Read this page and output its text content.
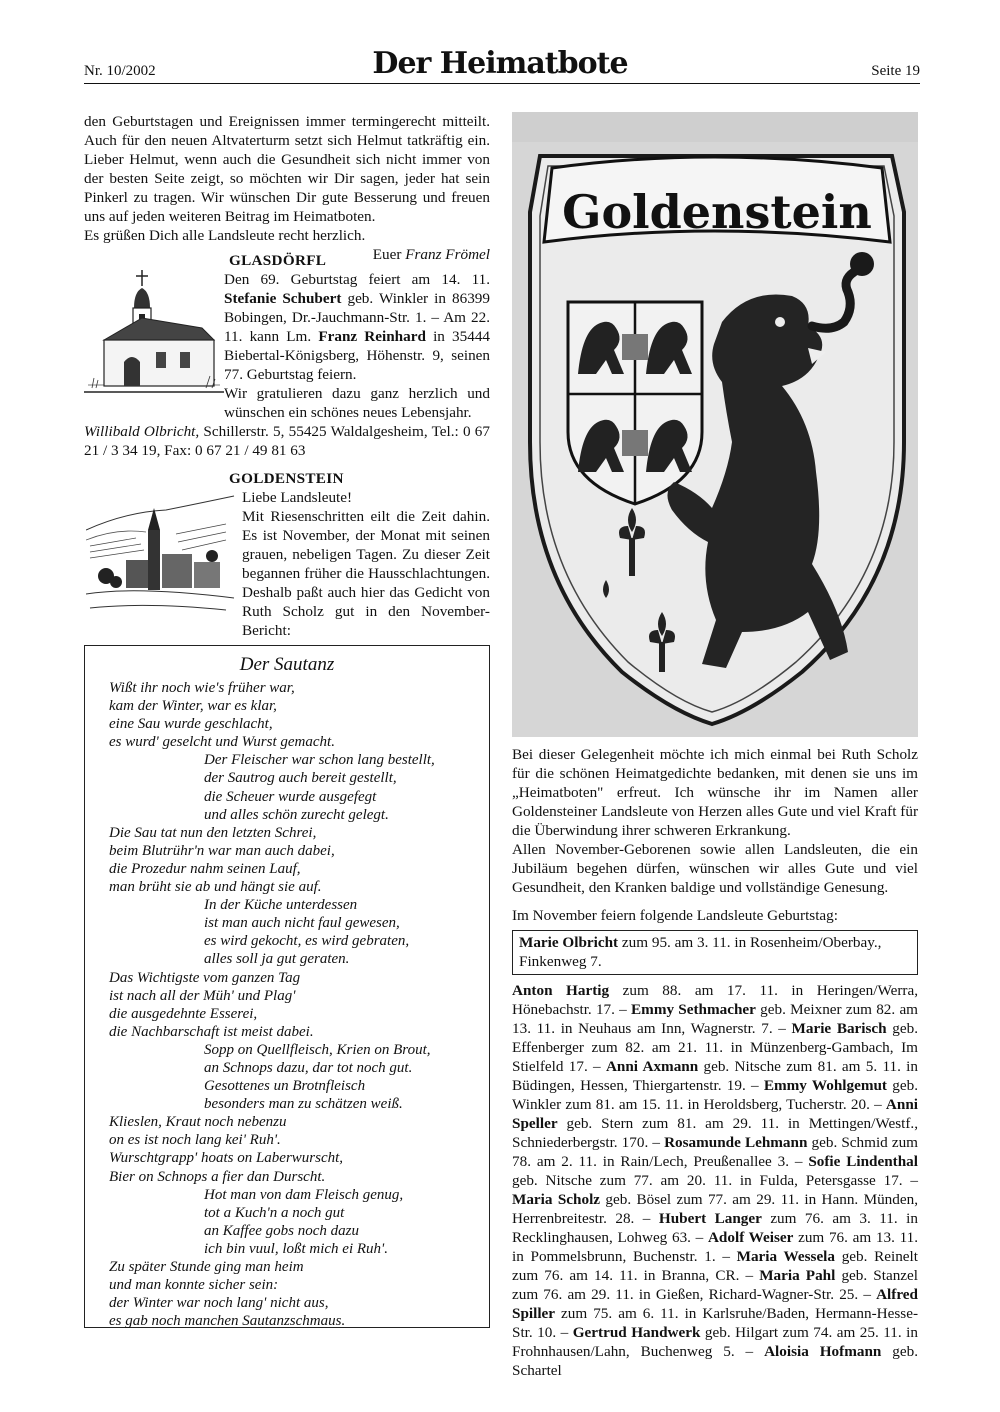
Nr. 10/2002	Der Heimatbote	Seite 19

den Geburtstagen und Ereignissen immer termingerecht mitteilt. Auch für den neuen Altvaterturm setzt sich Helmut tatkräftig ein. Lieber Helmut, wenn auch die Gesundheit sich nicht immer von der besten Seite zeigt, so möchten wir Dir sagen, jeder hat sein Pinkerl zu tragen. Wir wünschen Dir gute Besserung und freuen uns auf jeden weiteren Beitrag im Heimatboten.

Es grüßen Dich alle Landsleute recht herzlich.

Euer Franz Frömel

GLASDÖRFL

Den 69. Geburtstag feiert am 14. 11. Stefanie Schubert geb. Winkler in 86399 Bobingen, Dr.-Jauchmann-Str. 1. – Am 22. 11. kann Lm. Franz Reinhard in 35444 Biebertal-Königsberg, Höhenstr. 9, seinen 77. Geburtstag feiern.

Wir gratulieren dazu ganz herzlich und wünschen ein schönes neues Lebensjahr.

Willibald Olbricht, Schillerstr. 5, 55425 Waldalgesheim, Tel.: 0 67 21 / 3 34 19, Fax: 0 67 21 / 49 81 63

GOLDENSTEIN

Liebe Landsleute!

Mit Riesenschritten eilt die Zeit dahin. Es ist November, der Monat mit seinen grauen, nebeligen Tagen. Zu dieser Zeit begannen früher die Hausschlachtungen. Deshalb paßt auch hier das Gedicht von Ruth Scholz gut in den November-Bericht:

Der Sautanz
Wißt ihr noch wie's früher war,
kam der Winter, war es klar,
eine Sau wurde geschlacht,
es wurd' geselcht und Wurst gemacht.
Der Fleischer war schon lang bestellt,
der Sautrog auch bereit gestellt,
die Scheuer wurde ausgefegt
und alles schön zurecht gelegt.
Die Sau tat nun den letzten Schrei,
beim Blutrühr'n war man auch dabei,
die Prozedur nahm seinen Lauf,
man brüht sie ab und hängt sie auf.
In der Küche unterdessen
ist man auch nicht faul gewesen,
es wird gekocht, es wird gebraten,
alles soll ja gut geraten.
Das Wichtigste vom ganzen Tag
ist nach all der Müh' und Plag'
die ausgedehnte Esserei,
die Nachbarschaft ist meist dabei.
Sopp on Quellfleisch, Krien on Brout,
an Schnops dazu, dar tot noch gut.
Gesottenes un Brotnfleisch
besonders man zu schätzen weiß.
Klieslen, Kraut noch nebenzu
on es ist noch lang kei' Ruh'.
Wurschtgrapp' hoats on Laberwurscht,
Bier on Schnops a fier dan Durscht.
Hot man von dam Fleisch genug,
tot a Kuch'n a noch gut
an Kaffee gobs noch dazu
ich bin vuul, loßt mich ei Ruh'.
Zu später Stunde ging man heim
und man konnte sicher sein:
der Winter war noch lang' nicht aus,
es gab noch manchen Sautanzschmaus.
Goldenstein

Bei dieser Gelegenheit möchte ich mich einmal bei Ruth Scholz für die schönen Heimatgedichte bedanken, mit denen sie uns im „Heimatboten" erfreut. Ich wünsche ihr im Namen aller Goldensteiner Landsleute von Herzen alles Gute und viel Kraft für die Überwindung ihrer schweren Erkrankung.

Allen November-Geborenen sowie allen Landsleuten, die ein Jubiläum begehen dürfen, wünschen wir alles Gute und viel Gesundheit, den Kranken baldige und vollständige Genesung.

Im November feiern folgende Landsleute Geburtstag:

Marie Olbricht zum 95. am 3. 11. in Rosenheim/Oberbay., Finkenweg 7.

Anton Hartig zum 88. am 17. 11. in Heringen/Werra, Hönebachstr. 17. – Emmy Sethmacher geb. Meixner zum 82. am 13. 11. in Neuhaus am Inn, Wagnerstr. 7. – Marie Barisch geb. Effenberger zum 82. am 21. 11. in Münzenberg-Gambach, Im Stielfeld 17. – Anni Axmann geb. Nitsche zum 81. am 5. 11. in Büdingen, Hessen, Thiergartenstr. 19. – Emmy Wohlgemut geb. Winkler zum 81. am 15. 11. in Heroldsberg, Tucherstr. 20. – Anni Speller geb. Stern zum 81. am 29. 11. in Mettingen/Westf., Schniederbergstr. 170. – Rosamunde Lehmann geb. Schmid zum 78. am 2. 11. in Rain/Lech, Preußenallee 3. – Sofie Lindenthal geb. Nitsche zum 77. am 20. 11. in Fulda, Petersgasse 17. – Maria Scholz geb. Bösel zum 77. am 29. 11. in Hann. Münden, Herrenbreitestr. 28. – Hubert Langer zum 76. am 3. 11. in Recklinghausen, Lohweg 63. – Adolf Weiser zum 76. am 13. 11. in Pommelsbrunn, Buchenstr. 1. – Maria Wessela geb. Reinelt zum 76. am 14. 11. in Branna, CR. – Maria Pahl geb. Stanzel zum 76. am 29. 11. in Gießen, Richard-Wagner-Str. 25. – Alfred Spiller zum 75. am 6. 11. in Karlsruhe/Baden, Hermann-Hesse-Str. 10. – Gertrud Handwerk geb. Hilgart zum 74. am 25. 11. in Frohnhausen/Lahn, Buchenweg 5. – Aloisia Hofmann geb. Schartel
